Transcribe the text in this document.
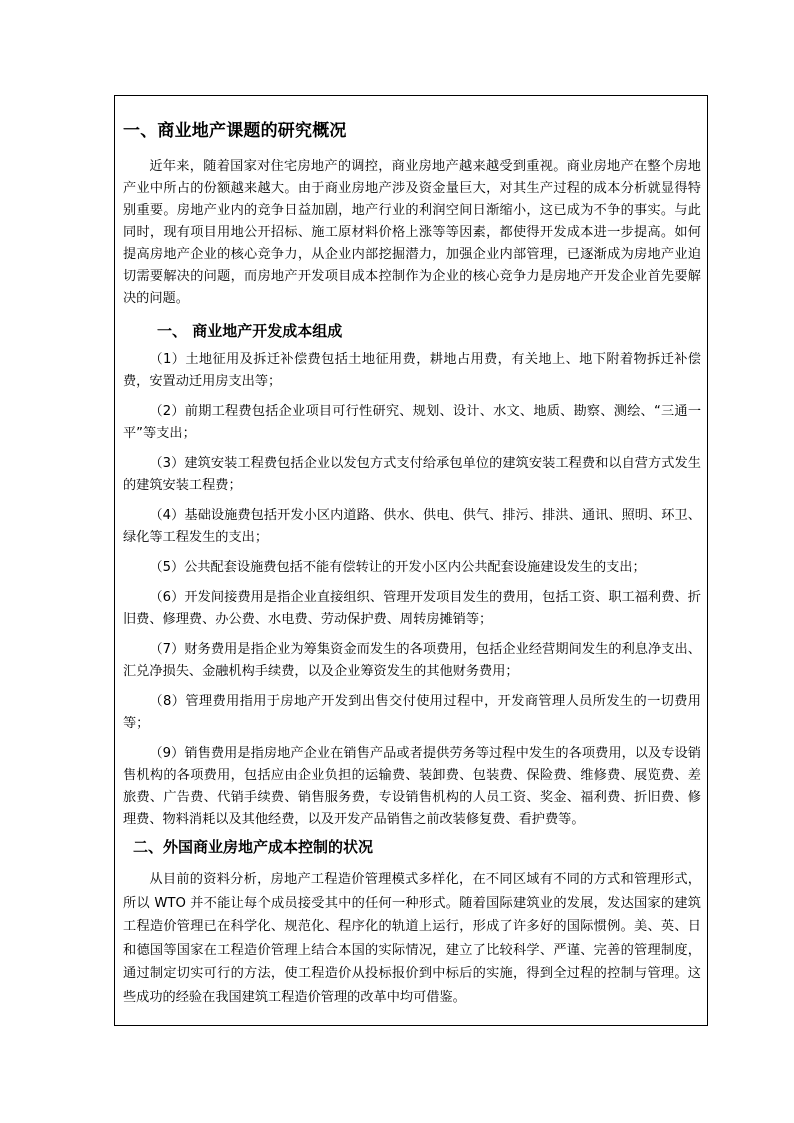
一、商业地产课题的研究概况

近年来，随着国家对住宅房地产的调控，商业房地产越来越受到重视。商业房地产在整个房地产业中所占的份额越来越大。由于商业房地产涉及资金量巨大，对其生产过程的成本分析就显得特别重要。房地产业内的竞争日益加剧，地产行业的利润空间日渐缩小，这已成为不争的事实。与此同时，现有项目用地公开招标、施工原材料价格上涨等等因素，都使得开发成本进一步提高。如何提高房地产企业的核心竞争力，从企业内部挖掘潜力，加强企业内部管理，已逐渐成为房地产业迫切需要解决的问题，而房地产开发项目成本控制作为企业的核心竞争力是房地产开发企业首先要解决的问题。

一、 商业地产开发成本组成

（1）土地征用及拆迁补偿费包括土地征用费，耕地占用费，有关地上、地下附着物拆迁补偿费，安置动迁用房支出等；

（2）前期工程费包括企业项目可行性研究、规划、设计、水文、地质、勘察、测绘、“三通一平”等支出；

（3）建筑安装工程费包括企业以发包方式支付给承包单位的建筑安装工程费和以自营方式发生的建筑安装工程费；

（4）基础设施费包括开发小区内道路、供水、供电、供气、排污、排洪、通讯、照明、环卫、绿化等工程发生的支出；

（5）公共配套设施费包括不能有偿转让的开发小区内公共配套设施建设发生的支出；

（6）开发间接费用是指企业直接组织、管理开发项目发生的费用，包括工资、职工福利费、折旧费、修理费、办公费、水电费、劳动保护费、周转房摊销等；

（7）财务费用是指企业为筹集资金而发生的各项费用，包括企业经营期间发生的利息净支出、汇兑净损失、金融机构手续费，以及企业筹资发生的其他财务费用；

（8）管理费用指用于房地产开发到出售交付使用过程中，开发商管理人员所发生的一切费用等；

（9）销售费用是指房地产企业在销售产品或者提供劳务等过程中发生的各项费用，以及专设销售机构的各项费用，包括应由企业负担的运输费、装卸费、包装费、保险费、维修费、展览费、差旅费、广告费、代销手续费、销售服务费，专设销售机构的人员工资、奖金、福利费、折旧费、修理费、物料消耗以及其他经费，以及开发产品销售之前改装修复费、看护费等。

二、外国商业房地产成本控制的状况

从目前的资料分析，房地产工程造价管理模式多样化，在不同区域有不同的方式和管理形式，所以 WTO 并不能让每个成员接受其中的任何一种形式。随着国际建筑业的发展，发达国家的建筑工程造价管理已在科学化、规范化、程序化的轨道上运行，形成了许多好的国际惯例。美、英、日和德国等国家在工程造价管理上结合本国的实际情况，建立了比较科学、严谨、完善的管理制度，通过制定切实可行的方法，使工程造价从投标报价到中标后的实施，得到全过程的控制与管理。这些成功的经验在我国建筑工程造价管理的改革中均可借鉴。
